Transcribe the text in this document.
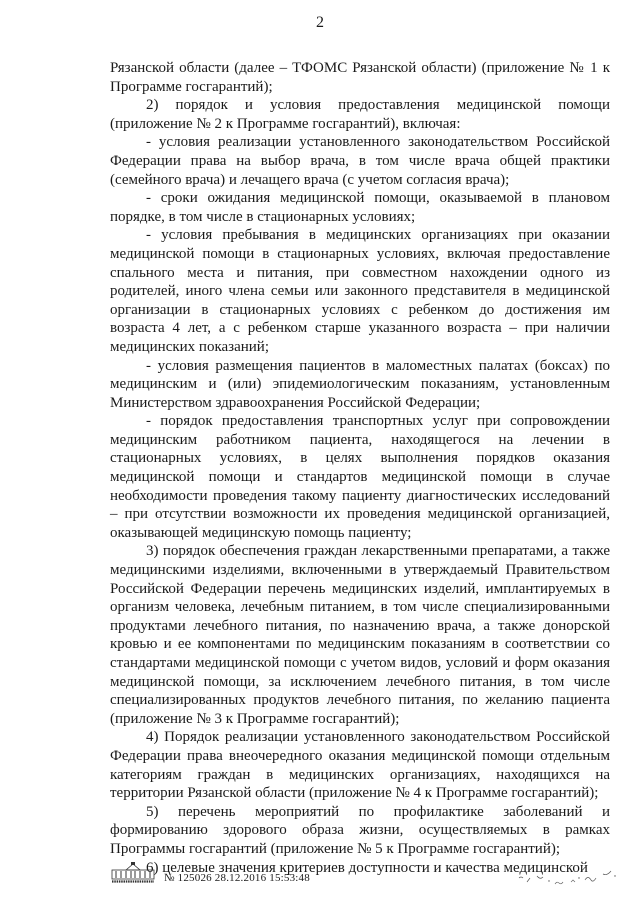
2

Рязанской области (далее – ТФОМС Рязанской области) (приложение № 1 к Программе госгарантий);

2) порядок и условия предоставления медицинской помощи (приложение № 2 к Программе госгарантий), включая:

- условия реализации установленного законодательством Российской Федерации права на выбор врача, в том числе врача общей практики (семейного врача) и лечащего врача (с учетом согласия врача);

- сроки ожидания медицинской помощи, оказываемой в плановом порядке, в том числе в стационарных условиях;

- условия пребывания в медицинских организациях при оказании медицинской помощи в стационарных условиях, включая предоставление спального места и питания, при совместном нахождении одного из родителей, иного члена семьи или законного представителя в медицинской организации в стационарных условиях с ребенком до достижения им возраста 4 лет, а с ребенком старше указанного возраста – при наличии медицинских показаний;

- условия размещения пациентов в маломестных палатах (боксах) по медицинским и (или) эпидемиологическим показаниям, установленным Министерством здравоохранения Российской Федерации;

- порядок предоставления транспортных услуг при сопровождении медицинским работником пациента, находящегося на лечении в стационарных условиях, в целях выполнения порядков оказания медицинской помощи и стандартов медицинской помощи в случае необходимости проведения такому пациенту диагностических исследований – при отсутствии возможности их проведения медицинской организацией, оказывающей медицинскую помощь пациенту;

3) порядок обеспечения граждан лекарственными препаратами, а также медицинскими изделиями, включенными в утверждаемый Правительством Российской Федерации перечень медицинских изделий, имплантируемых в организм человека, лечебным питанием, в том числе специализированными продуктами лечебного питания, по назначению врача, а также донорской кровью и ее компонентами по медицинским показаниям в соответствии со стандартами медицинской помощи с учетом видов, условий и форм оказания медицинской помощи, за исключением лечебного питания, в том числе специализированных продуктов лечебного питания, по желанию пациента (приложение № 3 к Программе госгарантий);

4) Порядок реализации установленного законодательством Российской Федерации права внеочередного оказания медицинской помощи отдельным категориям граждан в медицинских организациях, находящихся на территории Рязанской области (приложение № 4 к Программе госгарантий);

5) перечень мероприятий по профилактике заболеваний и формированию здорового образа жизни, осуществляемых в рамках Программы госгарантий (приложение № 5 к Программе госгарантий);

6) целевые значения критериев доступности и качества медицинской

№ 125026 28.12.2016 15:53:48
